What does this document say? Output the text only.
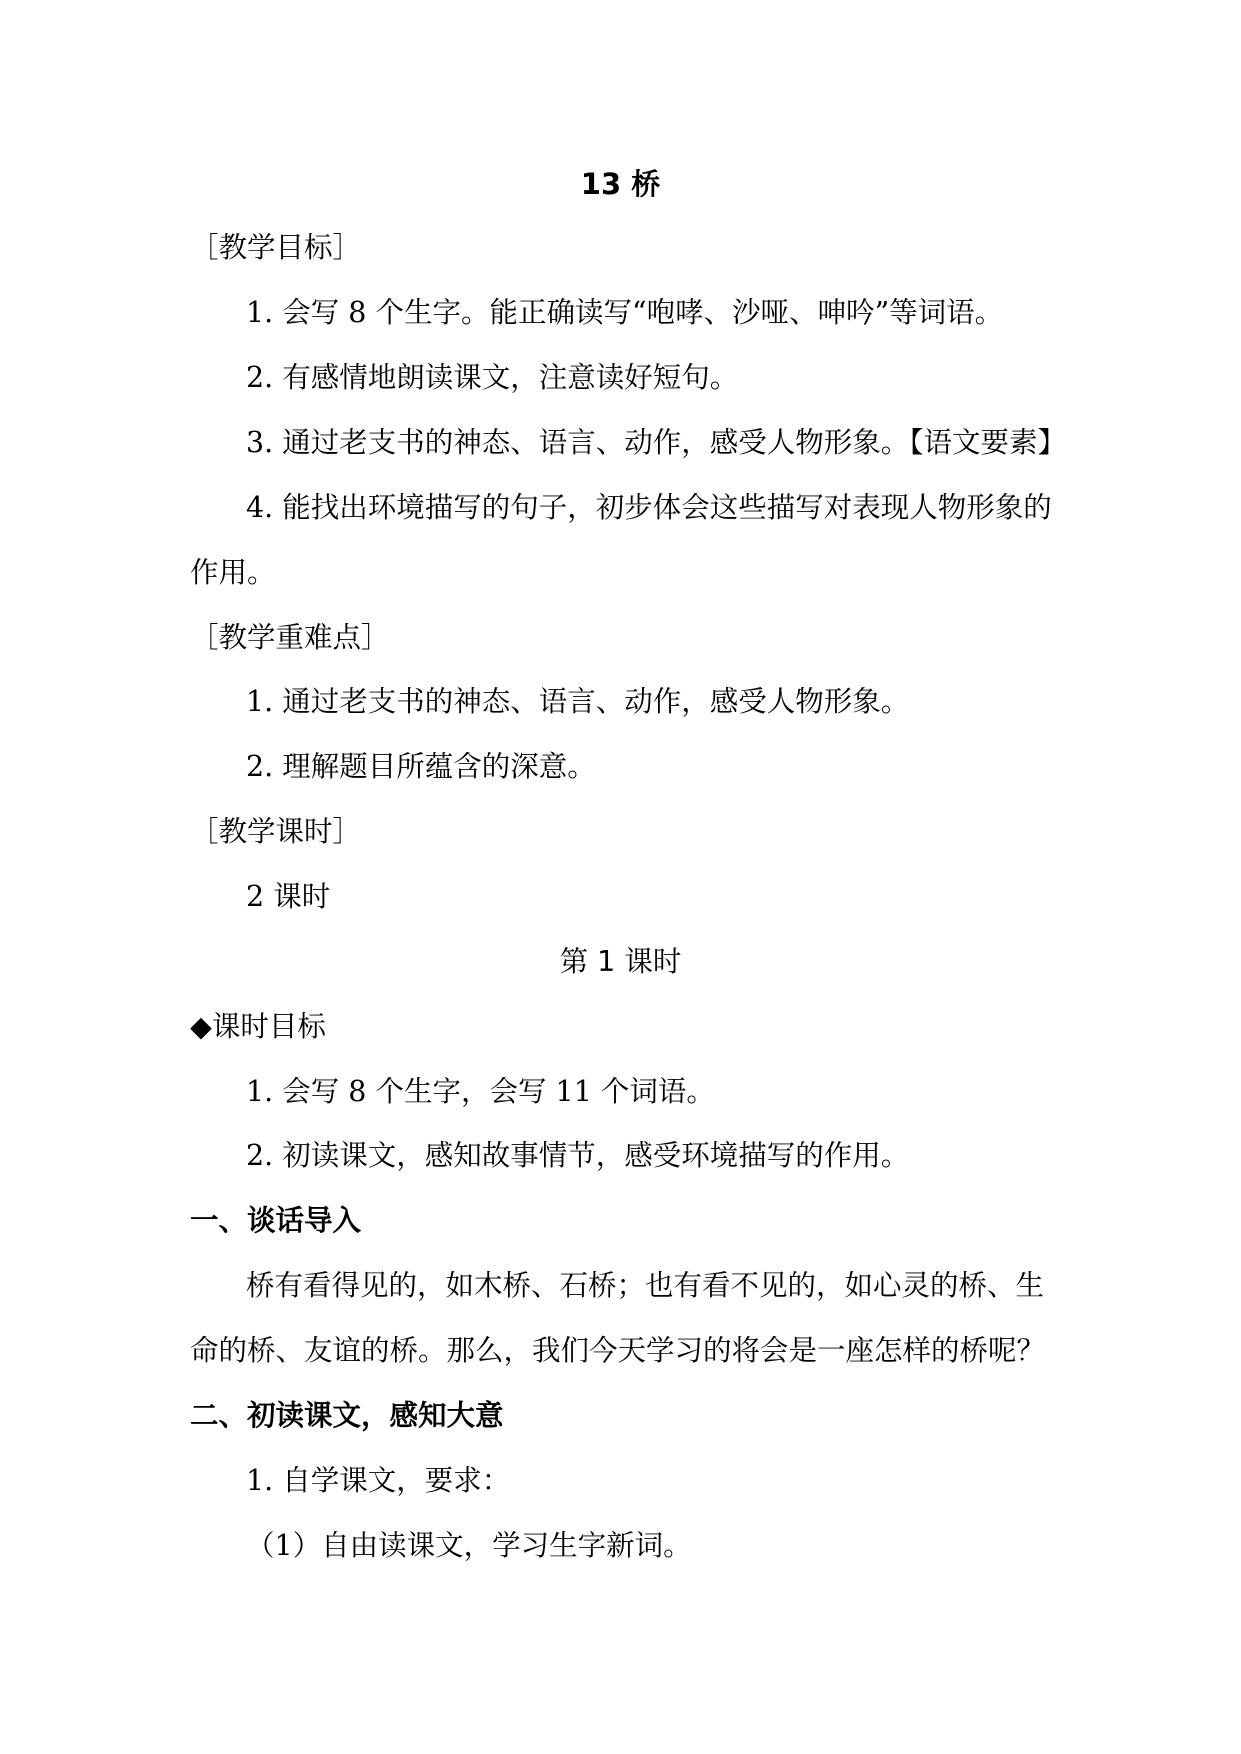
13 桥
［教学目标］
1. 会写 8 个生字。能正确读写“咆哮、沙哑、呻吟”等词语。
2. 有感情地朗读课文，注意读好短句。
3. 通过老支书的神态、语言、动作，感受人物形象。【语文要素】
4. 能找出环境描写的句子，初步体会这些描写对表现人物形象的
作用。
［教学重难点］
1. 通过老支书的神态、语言、动作，感受人物形象。
2. 理解题目所蕴含的深意。
［教学课时］
2 课时
第 1 课时
◆课时目标
1. 会写 8 个生字，会写 11 个词语。
2. 初读课文，感知故事情节，感受环境描写的作用。
一、谈话导入
桥有看得见的，如木桥、石桥；也有看不见的，如心灵的桥、生
命的桥、友谊的桥。那么，我们今天学习的将会是一座怎样的桥呢？
二、初读课文，感知大意
1. 自学课文，要求：
（1）自由读课文，学习生字新词。
